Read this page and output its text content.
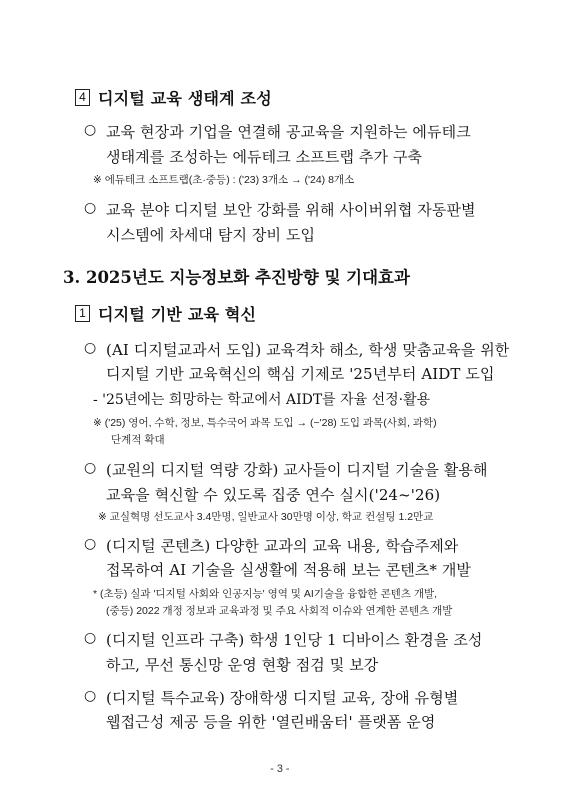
4 디지털 교육 생태계 조성
○ 교육 현장과 기업을 연결해 공교육을 지원하는 에듀테크
생태계를 조성하는 에듀테크 소프트랩 추가 구축
※ 에듀테크 소프트랩(초·중등) : ('23) 3개소 → ('24) 8개소
○ 교육 분야 디지털 보안 강화를 위해 사이버위협 자동판별
시스템에 차세대 탐지 장비 도입
3. 2025년도 지능정보화 추진방향 및 기대효과
1 디지털 기반 교육 혁신
○ (AI 디지털교과서 도입) 교육격차 해소, 학생 맞춤교육을 위한
디지털 기반 교육혁신의 핵심 기제로 '25년부터 AIDT 도입
- '25년에는 희망하는 학교에서 AIDT를 자율 선정·활용
※ ('25) 영어, 수학, 정보, 특수국어 과목 도입 → (~'28) 도입 과목(사회, 과학)
단계적 확대
○ (교원의 디지털 역량 강화) 교사들이 디지털 기술을 활용해
교육을 혁신할 수 있도록 집중 연수 실시('24~'26)
※ 교실혁명 선도교사 3.4만명, 일반교사 30만명 이상, 학교 컨설팅 1.2만교
○ (디지털 콘텐츠) 다양한 교과의 교육 내용, 학습주제와
접목하여 AI 기술을 실생활에 적용해 보는 콘텐츠* 개발
* (초등) 실과 '디지털 사회와 인공지능' 영역 및 AI기술을 융합한 콘텐츠 개발,
(중등) 2022 개정 정보과 교육과정 및 주요 사회적 이슈와 연계한 콘텐츠 개발
○ (디지털 인프라 구축) 학생 1인당 1 디바이스 환경을 조성
하고, 무선 통신망 운영 현황 점검 및 보강
○ (디지털 특수교육) 장애학생 디지털 교육, 장애 유형별
웹접근성 제공 등을 위한 '열린배움터' 플랫폼 운영
- 3 -
